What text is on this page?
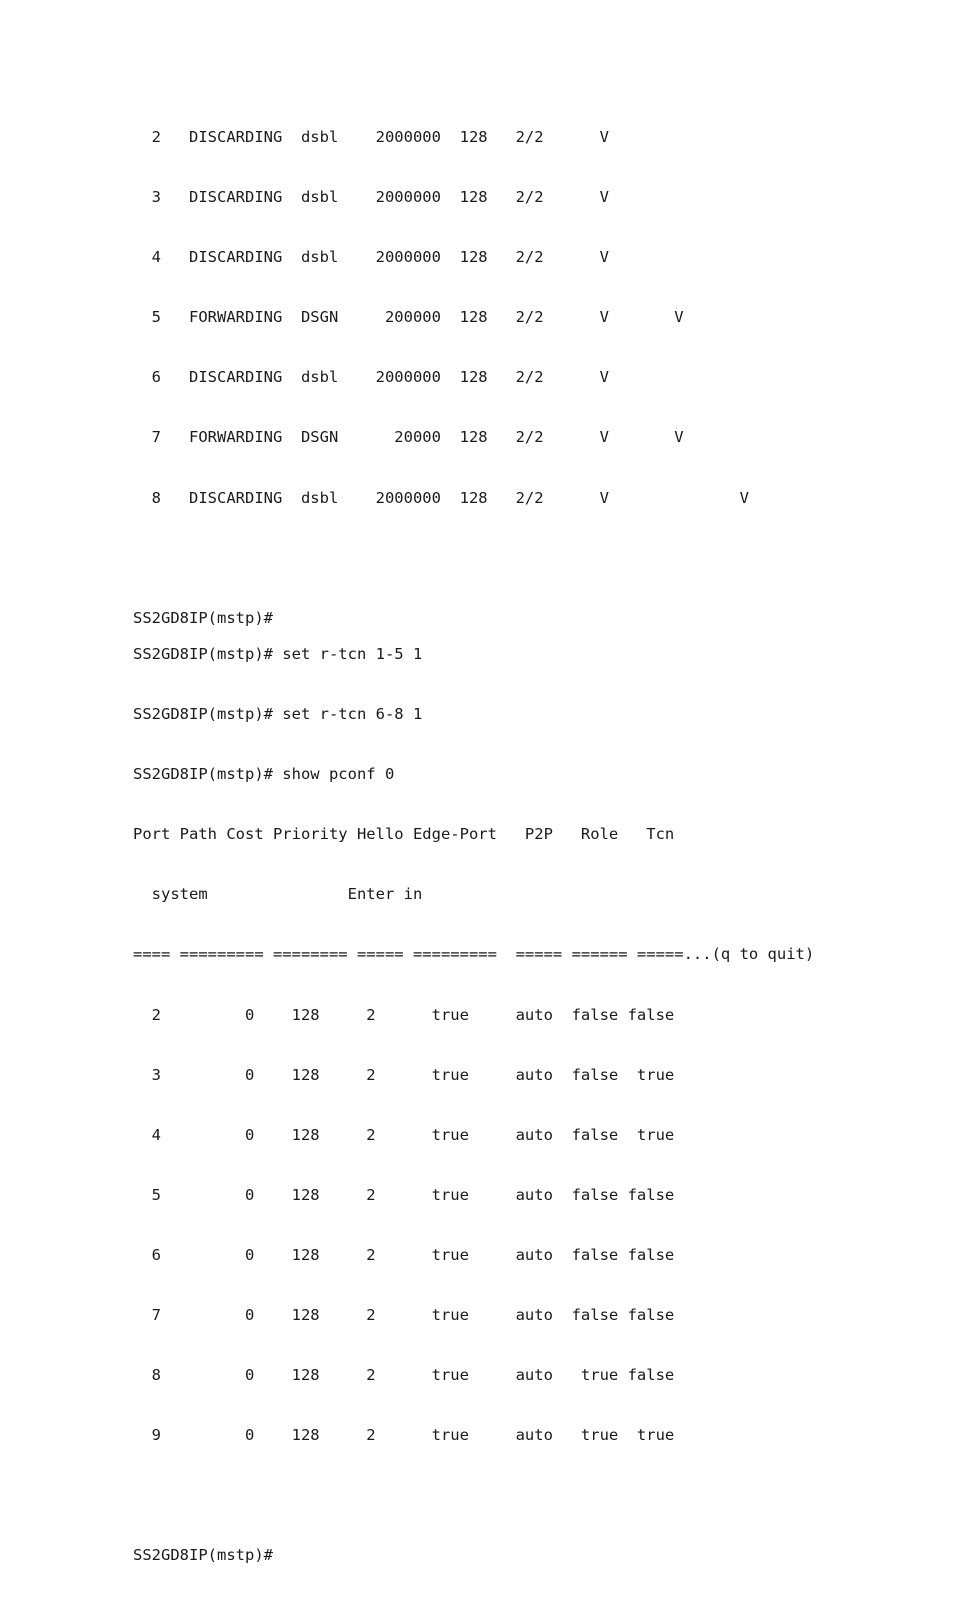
2   DISCARDING  dsbl    2000000  128   2/2      V

3   DISCARDING  dsbl    2000000  128   2/2      V

4   DISCARDING  dsbl    2000000  128   2/2      V

5   FORWARDING  DSGN     200000  128   2/2      V       V

6   DISCARDING  dsbl    2000000  128   2/2      V

7   FORWARDING  DSGN      20000  128   2/2      V       V

8   DISCARDING  dsbl    2000000  128   2/2      V              V

SS2GD8IP(mstp)#

SS2GD8IP(mstp)# set r-tcn 1-5 1

SS2GD8IP(mstp)# set r-tcn 6-8 1

SS2GD8IP(mstp)# show pconf 0

Port Path Cost Priority Hello Edge-Port   P2P   Role   Tcn

system               Enter in

==== ========= ======== ===== =========  ===== ====== =====...(q to quit)

2         0    128     2      true     auto  false false

3         0    128     2      true     auto  false  true

4         0    128     2      true     auto  false  true

5         0    128     2      true     auto  false false

6         0    128     2      true     auto  false false

7         0    128     2      true     auto  false false

8         0    128     2      true     auto   true false

9         0    128     2      true     auto   true  true

SS2GD8IP(mstp)#
